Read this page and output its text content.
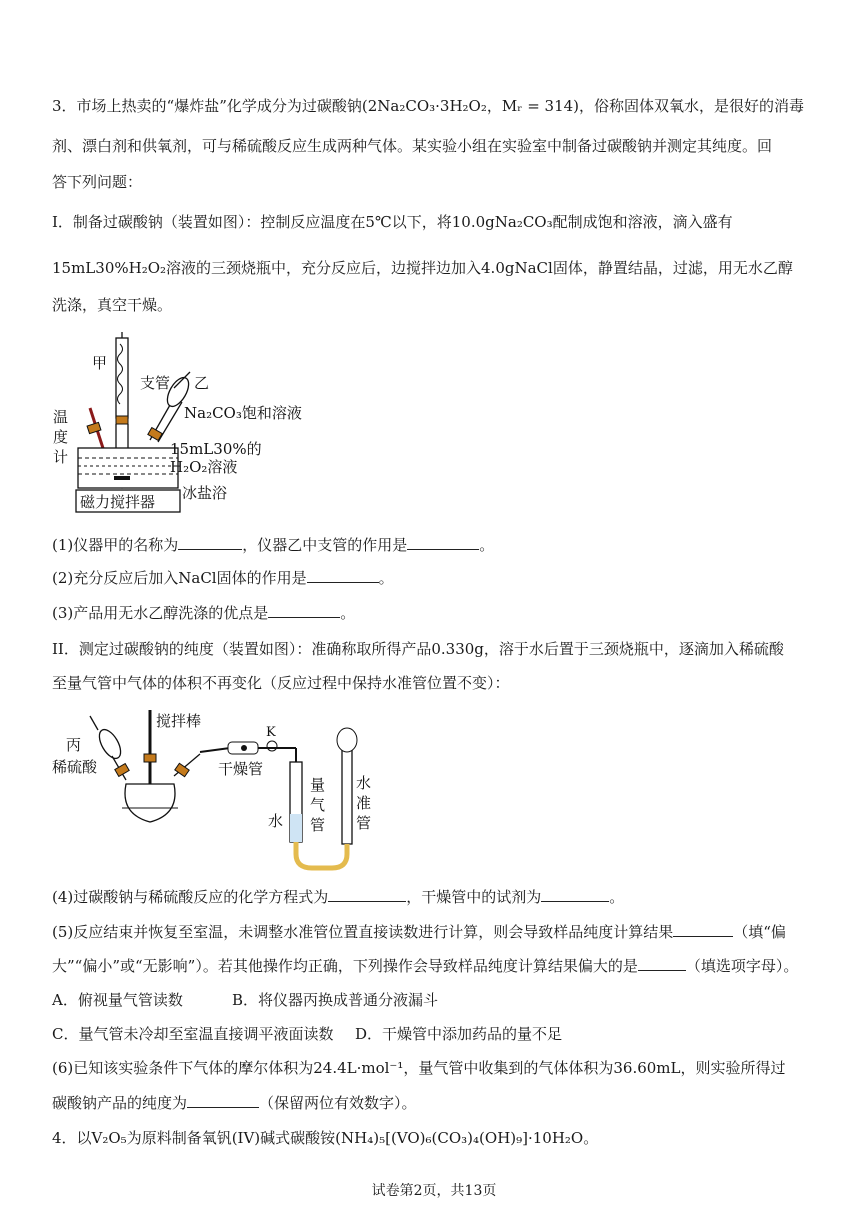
3．市场上热卖的“爆炸盐”化学成分为过碳酸钠(2Na₂CO₃·3H₂O₂，Mᵣ = 314)，俗称固体双氧水，是很好的消毒
剂、漂白剂和供氧剂，可与稀硫酸反应生成两种气体。某实验小组在实验室中制备过碳酸钠并测定其纯度。回
答下列问题：
I．制备过碳酸钠（装置如图）：控制反应温度在5℃以下，将10.0gNa₂CO₃配制成饱和溶液，滴入盛有
15mL30%H₂O₂溶液的三颈烧瓶中，充分反应后，边搅拌边加入4.0gNaCl固体，静置结晶，过滤，用无水乙醇
洗涤，真空干燥。
甲
支管 乙
Na₂CO₃饱和溶液
温
度
计	15mL30%的
H₂O₂溶液
冰盐浴
磁力搅拌器
(1)仪器甲的名称为	，仪器乙中支管的作用是	。
(2)充分反应后加入NaCl固体的作用是	。
(3)产品用无水乙醇洗涤的优点是	。
II．测定过碳酸钠的纯度（装置如图）：准确称取所得产品0.330g，溶于水后置于三颈烧瓶中，逐滴加入稀硫酸
至量气管中气体的体积不再变化（反应过程中保持水准管位置不变）：
搅拌棒
K
丙
稀硫酸	干燥管
量
气
管
水
水
准
管
(4)过碳酸钠与稀硫酸反应的化学方程式为	，干燥管中的试剂为	。
(5)反应结束并恢复至室温，未调整水准管位置直接读数进行计算，则会导致样品纯度计算结果	（填“偏
大”“偏小”或“无影响”）。若其他操作均正确，下列操作会导致样品纯度计算结果偏大的是	（填选项字母）。
A．俯视量气管读数	B．将仪器丙换成普通分液漏斗
C．量气管未冷却至室温直接调平液面读数 D．干燥管中添加药品的量不足
(6)已知该实验条件下气体的摩尔体积为24.4L·mol⁻¹，量气管中收集到的气体体积为36.60mL，则实验所得过
碳酸钠产品的纯度为	（保留两位有效数字）。
4．以V₂O₅为原料制备氧钒(IV)碱式碳酸铵(NH₄)₅[(VO)₆(CO₃)₄(OH)₉]·10H₂O。
试卷第2页，共13页
